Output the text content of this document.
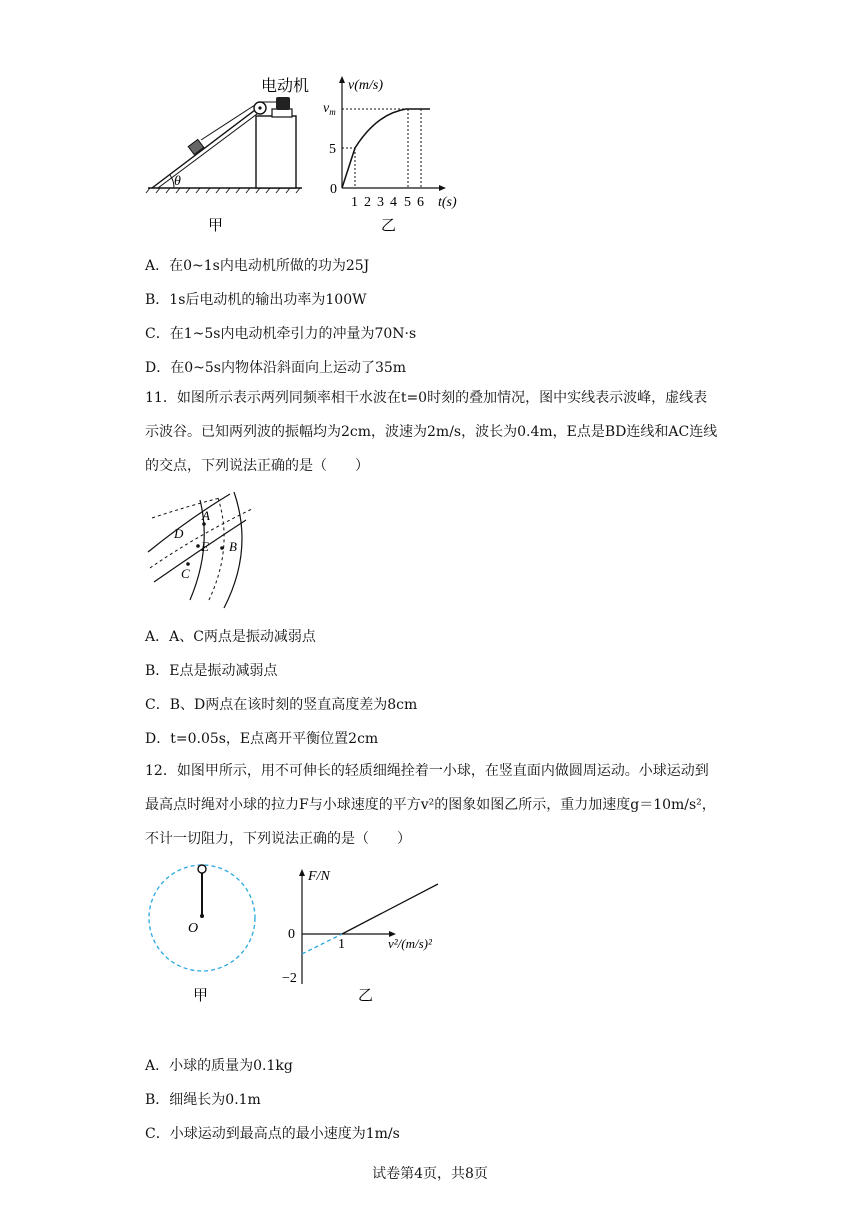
电动机
θ
v(m/s)
$v_m$
5
0
1 2 3 4 5 6 t(s)
甲	乙
A．在0~1s内电动机所做的功为25J
B．1s后电动机的输出功率为100W
C．在1~5s内电动机牵引力的冲量为70N·s
D．在0~5s内物体沿斜面向上运动了35m
11．如图所示表示两列同频率相干水波在t=0时刻的叠加情况，图中实线表示波峰，虚线表示波谷。已知两列波的振幅均为2cm，波速为2m/s，波长为0.4m，E点是BD连线和AC连线的交点，下列说法正确的是（　　）
A
B
C
D
E
A．A、C两点是振动减弱点
B．E点是振动减弱点
C．B、D两点在该时刻的竖直高度差为8cm
D．t=0.05s，E点离开平衡位置2cm
12．如图甲所示，用不可伸长的轻质细绳拴着一小球，在竖直面内做圆周运动。小球运动到最高点时绳对小球的拉力F与小球速度的平方v²的图象如图乙所示，重力加速度g＝10m/s²，不计一切阻力，下列说法正确的是（　　）
O
甲
F/N
0
1
−2
v²/(m/s)²
乙
A．小球的质量为0.1kg
B．细绳长为0.1m
C．小球运动到最高点的最小速度为1m/s
试卷第4页，共8页
